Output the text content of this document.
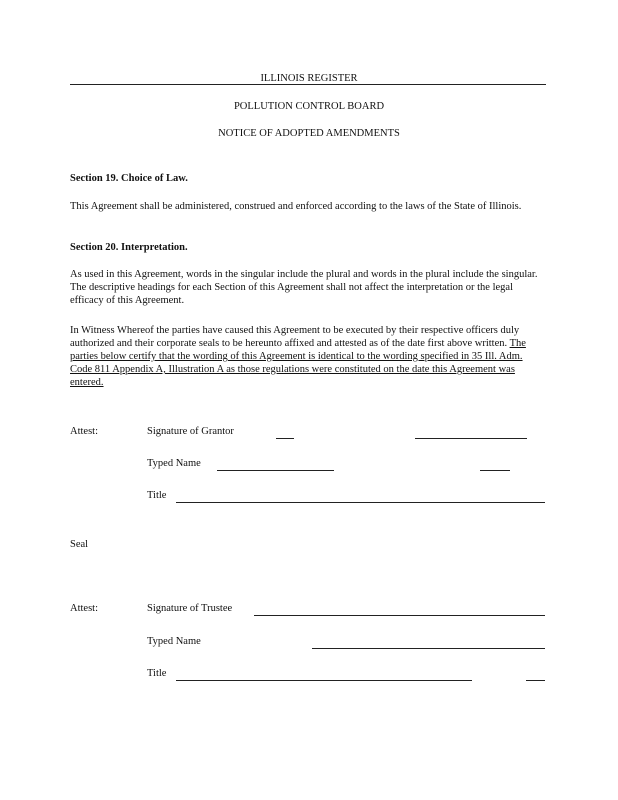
ILLINOIS REGISTER
POLLUTION CONTROL BOARD
NOTICE OF ADOPTED AMENDMENTS
Section 19. Choice of Law.
This Agreement shall be administered, construed and enforced according to the laws of the State of Illinois.
Section 20. Interpretation.
As used in this Agreement, words in the singular include the plural and words in the plural include the singular. The descriptive headings for each Section of this Agreement shall not affect the interpretation or the legal efficacy of this Agreement.
In Witness Whereof the parties have caused this Agreement to be executed by their respective officers duly authorized and their corporate seals to be hereunto affixed and attested as of the date first above written. The parties below certify that the wording of this Agreement is identical to the wording specified in 35 Ill. Adm. Code 811 Appendix A, Illustration A as those regulations were constituted on the date this Agreement was entered.
Attest:	Signature of Grantor
Typed Name
Title
Seal
Attest:	Signature of Trustee
Typed Name
Title
